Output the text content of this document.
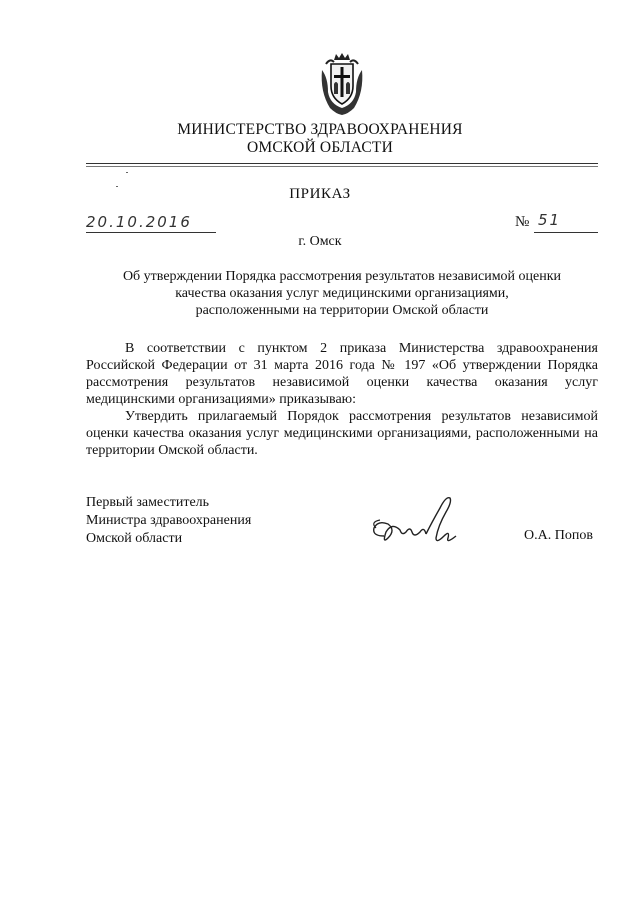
МИНИСТЕРСТВО ЗДРАВООХРАНЕНИЯ
ОМСКОЙ ОБЛАСТИ
ПРИКАЗ
20.10.2016	№ 51
г. Омск
Об утверждении Порядка рассмотрения результатов независимой оценки
качества оказания услуг медицинскими организациями,
расположенными на территории Омской области

В соответствии с пунктом 2 приказа Министерства здравоохранения Российской Федерации от 31 марта 2016 года № 197 «Об утверждении Порядка рассмотрения результатов независимой оценки качества оказания услуг медицинскими организациями» приказываю:

Утвердить прилагаемый Порядок рассмотрения результатов независимой оценки качества оказания услуг медицинскими организациями, расположенными на территории Омской области.

Первый заместитель
Министра здравоохранения
Омской области	О.А. Попов
